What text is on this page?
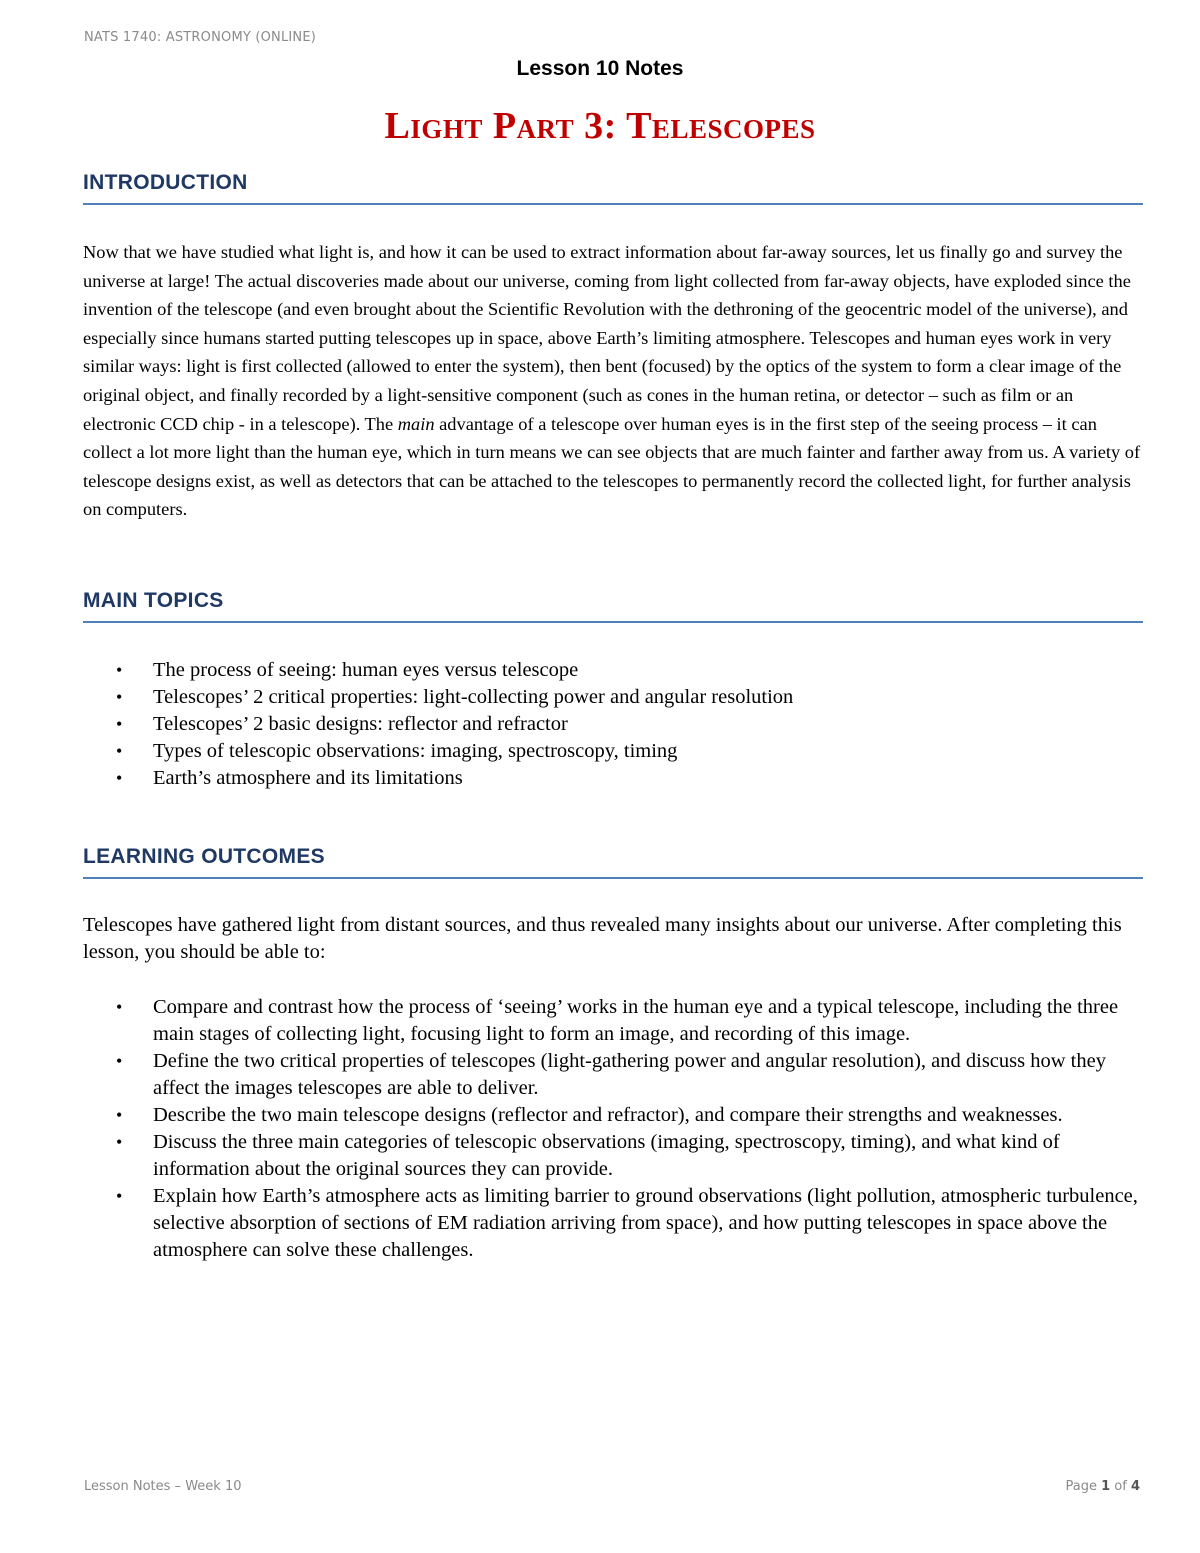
NATS 1740: ASTRONOMY (ONLINE)
Lesson 10 Notes
Light Part 3: Telescopes
INTRODUCTION

Now that we have studied what light is, and how it can be used to extract information about far-away sources, let us finally go and survey the universe at large! The actual discoveries made about our universe, coming from light collected from far-away objects, have exploded since the invention of the telescope (and even brought about the Scientific Revolution with the dethroning of the geocentric model of the universe), and especially since humans started putting telescopes up in space, above Earth’s limiting atmosphere. Telescopes and human eyes work in very similar ways: light is first collected (allowed to enter the system), then bent (focused) by the optics of the system to form a clear image of the original object, and finally recorded by a light-sensitive component (such as cones in the human retina, or detector – such as film or an electronic CCD chip - in a telescope). The main advantage of a telescope over human eyes is in the first step of the seeing process – it can collect a lot more light than the human eye, which in turn means we can see objects that are much fainter and farther away from us. A variety of telescope designs exist, as well as detectors that can be attached to the telescopes to permanently record the collected light, for further analysis on computers.

MAIN TOPICS
• The process of seeing: human eyes versus telescope
• Telescopes’ 2 critical properties: light-collecting power and angular resolution
• Telescopes’ 2 basic designs: reflector and refractor
• Types of telescopic observations: imaging, spectroscopy, timing
• Earth’s atmosphere and its limitations
LEARNING OUTCOMES

Telescopes have gathered light from distant sources, and thus revealed many insights about our universe. After completing this lesson, you should be able to:

• Compare and contrast how the process of ‘seeing’ works in the human eye and a typical telescope, including the three main stages of collecting light, focusing light to form an image, and recording of this image.
• Define the two critical properties of telescopes (light-gathering power and angular resolution), and discuss how they affect the images telescopes are able to deliver.
• Describe the two main telescope designs (reflector and refractor), and compare their strengths and weaknesses.
• Discuss the three main categories of telescopic observations (imaging, spectroscopy, timing), and what kind of information about the original sources they can provide.
• Explain how Earth’s atmosphere acts as limiting barrier to ground observations (light pollution, atmospheric turbulence, selective absorption of sections of EM radiation arriving from space), and how putting telescopes in space above the atmosphere can solve these challenges.
Lesson Notes – Week 10	Page 1 of 4
